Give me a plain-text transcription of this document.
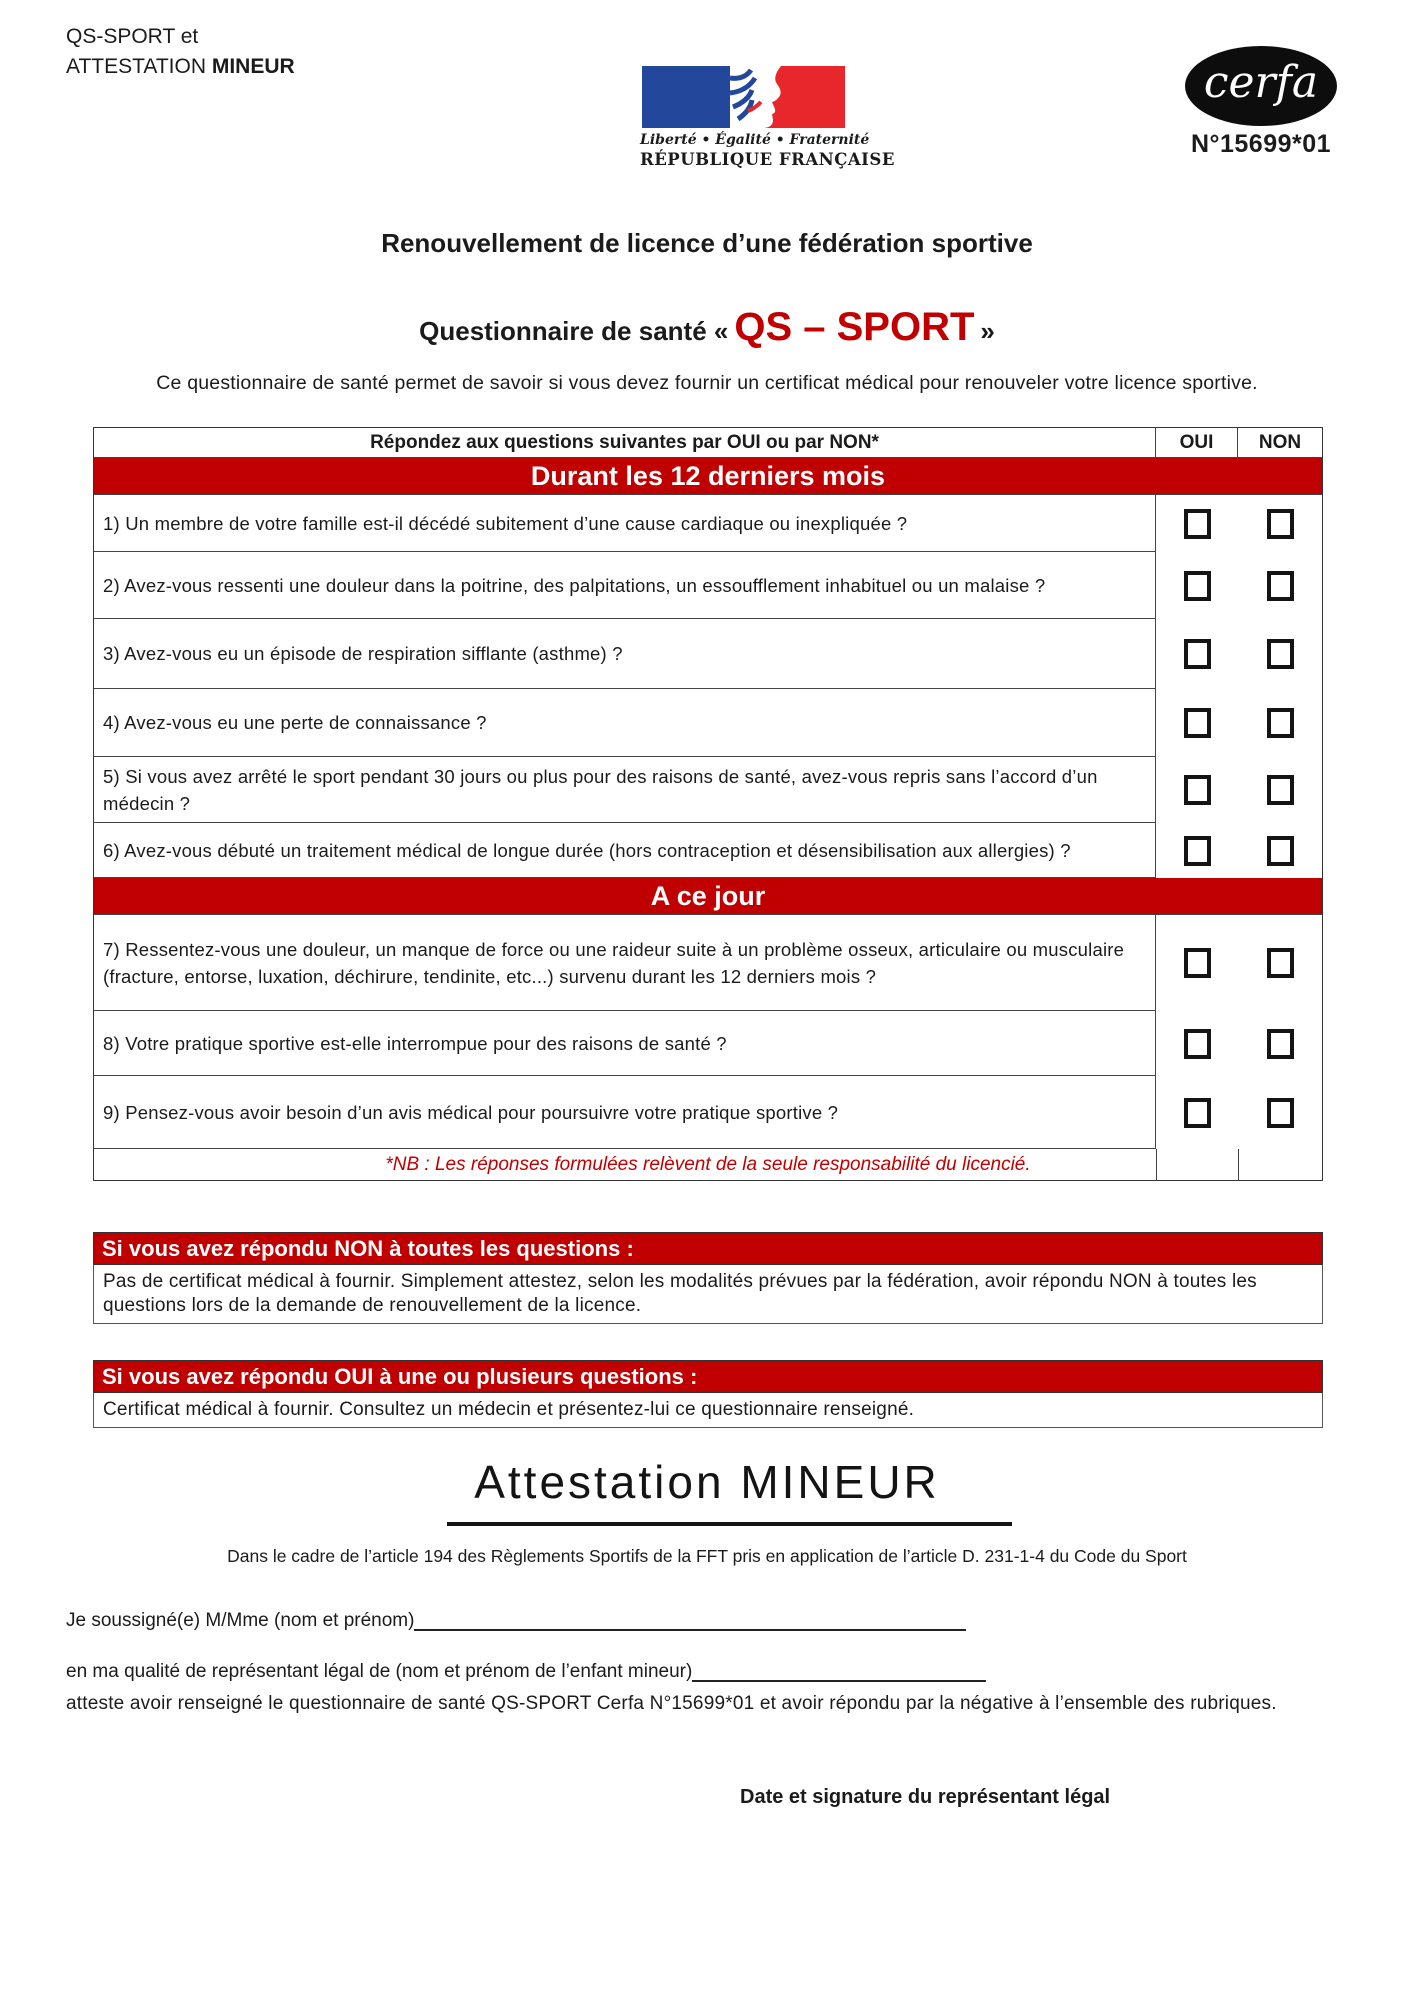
QS-SPORT et
ATTESTATION MINEUR
Liberté • Égalité • Fraternité
RÉPUBLIQUE FRANÇAISE
cerfa
N°15699*01
Renouvellement de licence d’une fédération sportive
Questionnaire de santé « QS – SPORT »
Ce questionnaire de santé permet de savoir si vous devez fournir un certificat médical pour renouveler votre licence sportive.
Répondez aux questions suivantes par OUI ou par NON*	OUI	NON
Durant les 12 derniers mois
1) Un membre de votre famille est-il décédé subitement d’une cause cardiaque ou inexpliquée ?
2) Avez-vous ressenti une douleur dans la poitrine, des palpitations, un essoufflement inhabituel ou un malaise ?
3) Avez-vous eu un épisode de respiration sifflante (asthme) ?
4) Avez-vous eu une perte de connaissance ?
5) Si vous avez arrêté le sport pendant 30 jours ou plus pour des raisons de santé, avez-vous repris sans l’accord d’un médecin ?
6) Avez-vous débuté un traitement médical de longue durée (hors contraception et désensibilisation aux allergies) ?
A ce jour
7) Ressentez-vous une douleur, un manque de force ou une raideur suite à un problème osseux, articulaire ou musculaire (fracture, entorse, luxation, déchirure, tendinite, etc...) survenu durant les 12 derniers mois ?
8) Votre pratique sportive est-elle interrompue pour des raisons de santé ?
9) Pensez-vous avoir besoin d’un avis médical pour poursuivre votre pratique sportive ?
*NB : Les réponses formulées relèvent de la seule responsabilité du licencié.
Si vous avez répondu NON à toutes les questions :
Pas de certificat médical à fournir. Simplement attestez, selon les modalités prévues par la fédération, avoir répondu NON à toutes les questions lors de la demande de renouvellement de la licence.
Si vous avez répondu OUI à une ou plusieurs questions :
Certificat médical à fournir. Consultez un médecin et présentez-lui ce questionnaire renseigné.
Attestation MINEUR
Dans le cadre de l’article 194 des Règlements Sportifs de la FFT pris en application de l’article D. 231-1-4 du Code du Sport
Je soussigné(e) M/Mme (nom et prénom)
en ma qualité de représentant légal de (nom et prénom de l’enfant mineur)
atteste avoir renseigné le questionnaire de santé QS-SPORT Cerfa N°15699*01 et avoir répondu par la négative à l’ensemble des rubriques.
Date et signature du représentant légal
